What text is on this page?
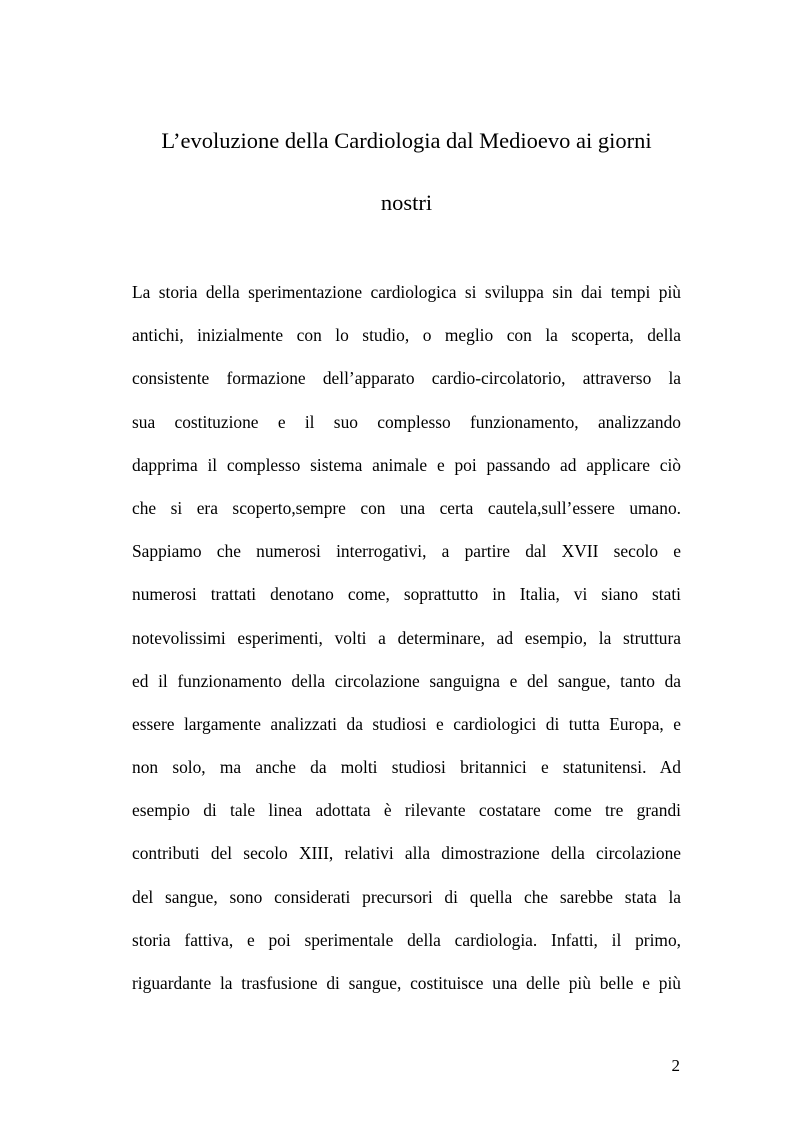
L’evoluzione della Cardiologia dal Medioevo ai giorni
nostri
La storia della sperimentazione cardiologica si sviluppa sin dai tempi più
antichi, inizialmente con lo studio, o meglio con la scoperta, della
consistente formazione dell’apparato cardio-circolatorio, attraverso la
sua costituzione e il suo complesso funzionamento, analizzando
dapprima il complesso sistema animale e poi passando ad applicare ciò
che si era scoperto,sempre con una certa cautela,sull’essere umano.
Sappiamo che numerosi interrogativi, a partire dal XVII secolo e
numerosi trattati denotano come, soprattutto in Italia, vi siano stati
notevolissimi esperimenti, volti a determinare, ad esempio, la struttura
ed il funzionamento della circolazione sanguigna e del sangue, tanto da
essere largamente analizzati da studiosi e cardiologici di tutta Europa, e
non solo, ma anche da molti studiosi britannici e statunitensi. Ad
esempio di tale linea adottata è rilevante costatare come tre grandi
contributi del secolo XIII, relativi alla dimostrazione della circolazione
del sangue, sono considerati precursori di quella che sarebbe stata la
storia fattiva, e poi sperimentale della cardiologia. Infatti, il primo,
riguardante la trasfusione di sangue, costituisce una delle più belle e più
2
